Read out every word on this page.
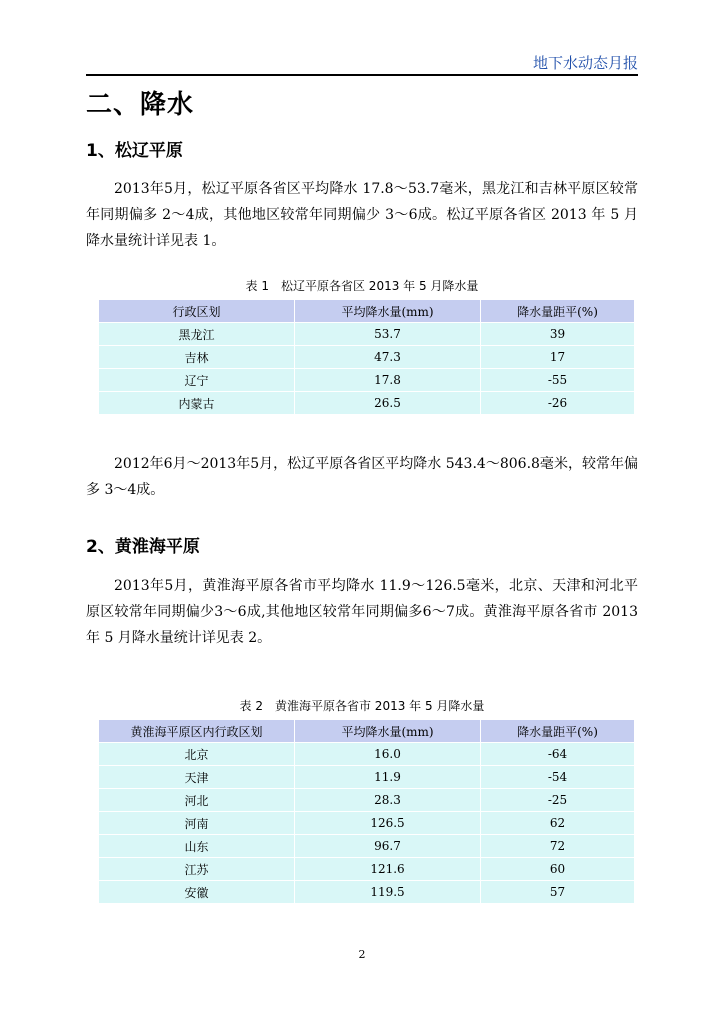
地下水动态月报
二、降水
1、松辽平原
2013年5月，松辽平原各省区平均降水 17.8～53.7毫米，黑龙江和吉林平原区较常年同期偏多 2～4成，其他地区较常年同期偏少 3～6成。松辽平原各省区 2013 年 5 月降水量统计详见表 1。
表 1　松辽平原各省区 2013 年 5 月降水量
行政区划	平均降水量(mm)	降水量距平(%)
黑龙江	53.7	39
吉林	47.3	17
辽宁	17.8	-55
内蒙古	26.5	-26
2012年6月～2013年5月，松辽平原各省区平均降水 543.4～806.8毫米，较常年偏多 3～4成。
2、黄淮海平原
2013年5月，黄淮海平原各省市平均降水 11.9～126.5毫米，北京、天津和河北平原区较常年同期偏少3～6成,其他地区较常年同期偏多6～7成。黄淮海平原各省市 2013 年 5 月降水量统计详见表 2。
表 2　黄淮海平原各省市 2013 年 5 月降水量
黄淮海平原区内行政区划	平均降水量(mm)	降水量距平(%)
北京	16.0	-64
天津	11.9	-54
河北	28.3	-25
河南	126.5	62
山东	96.7	72
江苏	121.6	60
安徽	119.5	57
2
